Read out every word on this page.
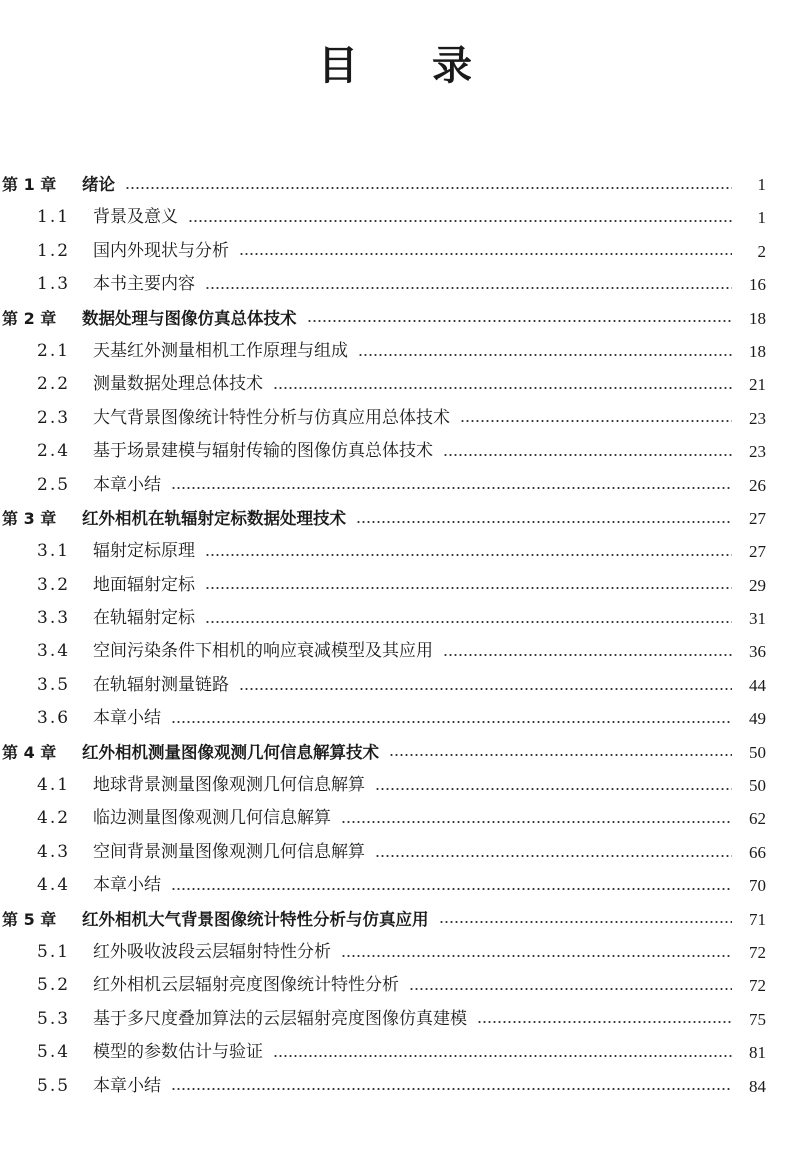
目 录
第 1 章	绪论	1
1.1	背景及意义	1
1.2	国内外现状与分析	2
1.3	本书主要内容	16
第 2 章	数据处理与图像仿真总体技术	18
2.1	天基红外测量相机工作原理与组成	18
2.2	测量数据处理总体技术	21
2.3	大气背景图像统计特性分析与仿真应用总体技术	23
2.4	基于场景建模与辐射传输的图像仿真总体技术	23
2.5	本章小结	26
第 3 章	红外相机在轨辐射定标数据处理技术	27
3.1	辐射定标原理	27
3.2	地面辐射定标	29
3.3	在轨辐射定标	31
3.4	空间污染条件下相机的响应衰减模型及其应用	36
3.5	在轨辐射测量链路	44
3.6	本章小结	49
第 4 章	红外相机测量图像观测几何信息解算技术	50
4.1	地球背景测量图像观测几何信息解算	50
4.2	临边测量图像观测几何信息解算	62
4.3	空间背景测量图像观测几何信息解算	66
4.4	本章小结	70
第 5 章	红外相机大气背景图像统计特性分析与仿真应用	71
5.1	红外吸收波段云层辐射特性分析	72
5.2	红外相机云层辐射亮度图像统计特性分析	72
5.3	基于多尺度叠加算法的云层辐射亮度图像仿真建模	75
5.4	模型的参数估计与验证	81
5.5	本章小结	84
